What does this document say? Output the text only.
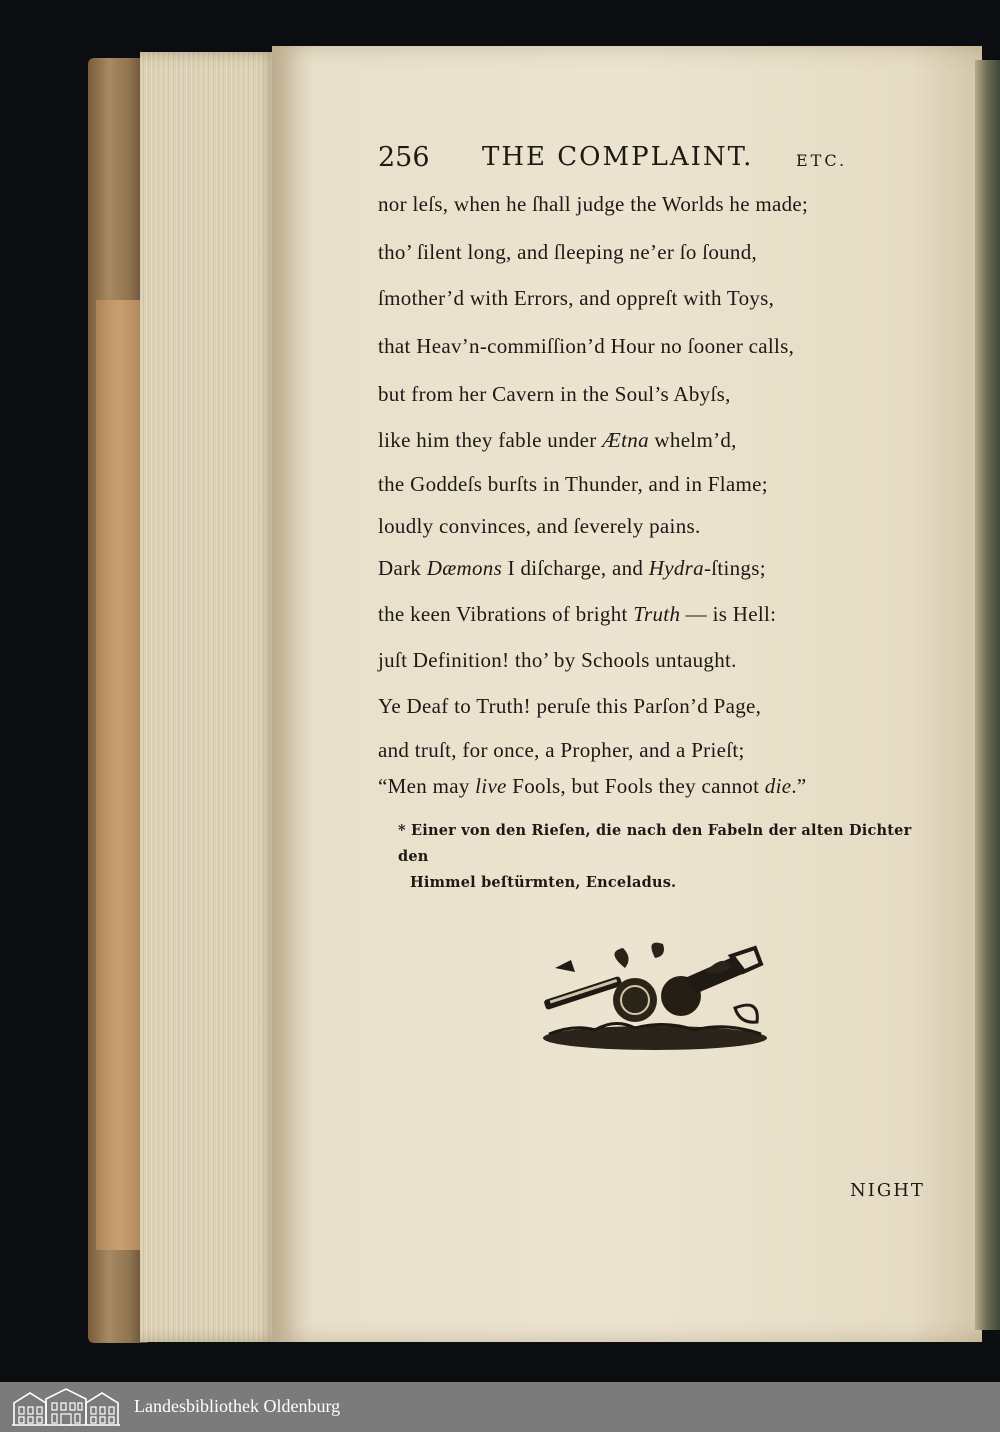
256 THE COMPLAINT.	ETC.
nor leſs, when he ſhall judge the Worlds he made;
tho’ ſilent long, and ſleeping ne’er ſo ſound,
ſmother’d with Errors, and oppreſt with Toys,
that Heav’n-commiſſion’d Hour no ſooner calls,
but from her Cavern in the Soul’s Abyſs,
like him they fable under Ætna whelm’d,
the Goddeſs burſts in Thunder, and in Flame;
loudly convinces, and ſeverely pains.
Dark Dæmons I diſcharge, and Hydra-ſtings;
the keen Vibrations of bright Truth — is Hell:
juſt Definition! tho’ by Schools untaught.
Ye Deaf to Truth! peruſe this Parſon’d Page,
and truſt, for once, a Propher, and a Prieſt;
“Men may live Fools, but Fools they cannot die.”
* Einer von den Rieſen, die nach den Fabeln der alten Dichter den
Himmel beſtürmten, Enceladus.
NIGHT
Landesbibliothek Oldenburg
